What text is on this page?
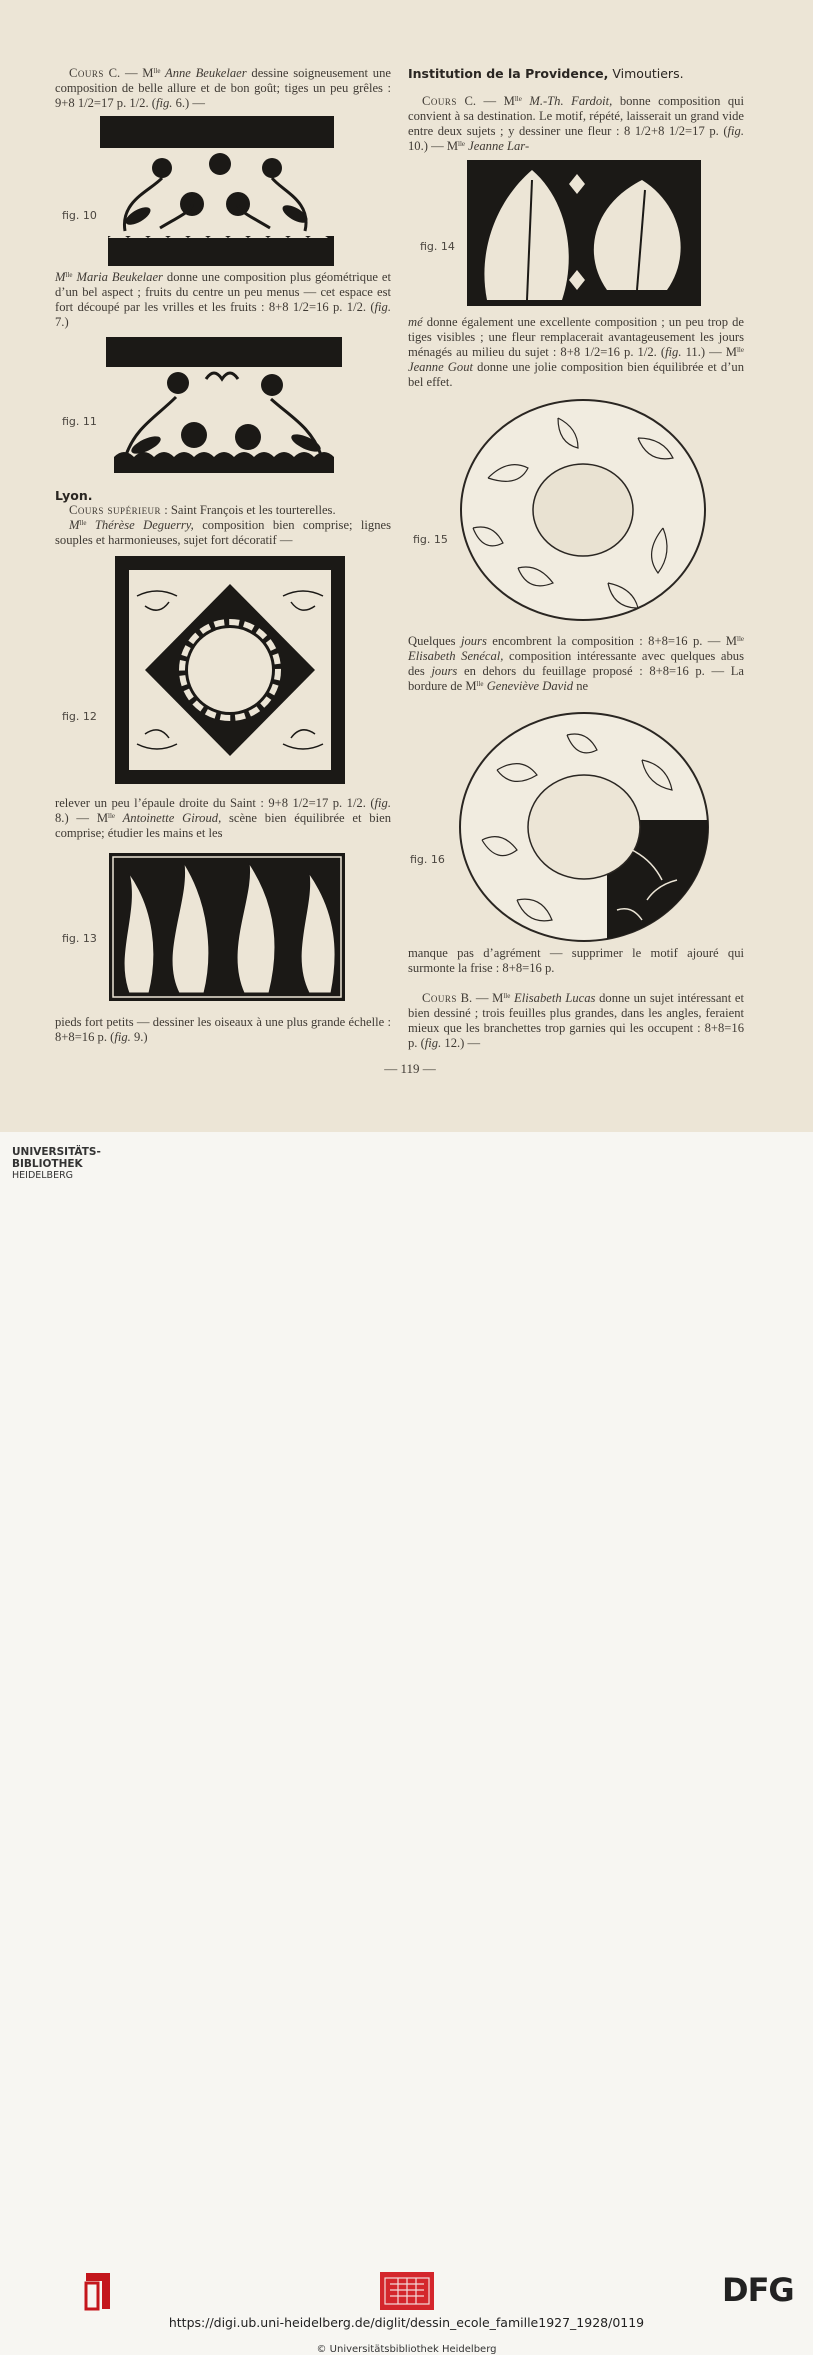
Cours C. — $M^{lle}$ Anne Beukelaer dessine soigneusement une composition de belle allure et de bon goût; tiges un peu grêles : 9+8 1/2=17 p. 1/2. (fig. 6.) —

fig. 10

$M^{lle}$ Maria Beukelaer donne une composition plus géométrique et d’un bel aspect ; fruits du centre un peu menus — cet espace est fort découpé par les vrilles et les fruits : 8+8 1/2=16 p. 1/2. (fig. 7.)

fig. 11
Lyon.

Cours supérieur : Saint François et les tourterelles.

$M^{lle}$ Thérèse Deguerry, composition bien comprise; lignes souples et harmonieuses, sujet fort décoratif —

fig. 12

relever un peu l’épaule droite du Saint : 9+8 1/2=17 p. 1/2. (fig. 8.) — $M^{lle}$ Antoinette Giroud, scène bien équilibrée et bien comprise; étudier les mains et les

fig. 13

pieds fort petits — dessiner les oiseaux à une plus grande échelle : 8+8=16 p. (fig. 9.)

Institution de la Providence, Vimoutiers.

Cours C. — $M^{lle}$ M.-Th. Fardoit, bonne composition qui convient à sa destination. Le motif, répété, laisserait un grand vide entre deux sujets ; y dessiner une fleur : 8 1/2+8 1/2=17 p. (fig. 10.) — $M^{lle}$ Jeanne Lar-

fig. 14

mé donne également une excellente composition ; un peu trop de tiges visibles ; une fleur remplacerait avantageusement les jours ménagés au milieu du sujet : 8+8 1/2=16 p. 1/2. (fig. 11.) — $M^{lle}$ Jeanne Gout donne une jolie composition bien équilibrée et d’un bel effet.

fig. 15

Quelques jours encombrent la composition : 8+8=16 p. — $M^{lle}$ Elisabeth Senécal, composition intéressante avec quelques abus des jours en dehors du feuillage proposé : 8+8=16 p. — La bordure de $M^{lle}$ Geneviève David ne

fig. 16

manque pas d’agrément — supprimer le motif ajouré qui surmonte la frise : 8+8=16 p.

Cours B. — $M^{lle}$ Elisabeth Lucas donne un sujet intéressant et bien dessiné ; trois feuilles plus grandes, dans les angles, feraient mieux que les branchettes trop garnies qui les occupent : 8+8=16 p. (fig. 12.) —

— 119 —
DFG
https://digi.ub.uni-heidelberg.de/diglit/dessin_ecole_famille1927_1928/0119
© Universitätsbibliothek Heidelberg
UNIVERSITÄTS-
BIBLIOTHEK
HEIDELBERG
